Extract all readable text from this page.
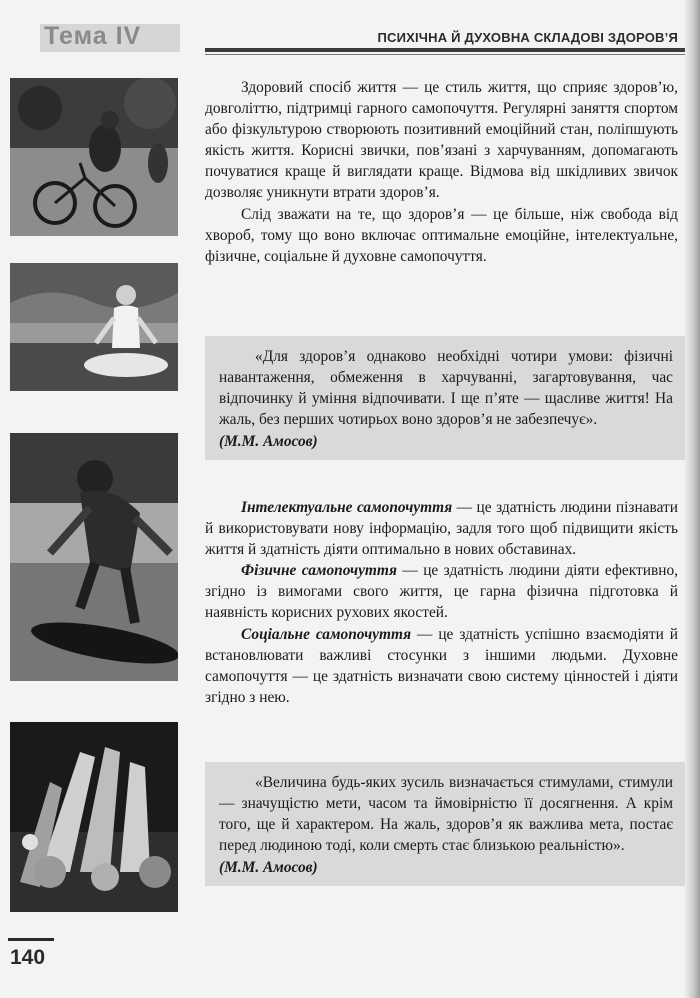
Тема IV	ПСИХІЧНА Й ДУХОВНА СКЛАДОВІ ЗДОРОВ’Я

Здоровий спосіб життя — це стиль життя, що сприяє здоров’ю, довголіттю, підтримці гарного самопочуття. Регулярні заняття спортом або фізкультурою створюють позитивний емоційний стан, поліпшують якість життя. Корисні звички, пов’язані з харчуванням, допомагають почуватися краще й виглядати краще. Відмова від шкідливих звичок дозволяє уникнути втрати здоров’я.

Слід зважати на те, що здоров’я — це більше, ніж свобода від хвороб, тому що воно включає оптимальне емоційне, інтелектуальне, фізичне, соціальне й духовне самопочуття.

«Для здоров’я однаково необхідні чотири умови: фізичні навантаження, обмеження в харчуванні, загартовування, час відпочинку й уміння відпочивати. І ще п’яте — щасливе життя! На жаль, без перших чотирьох воно здоров’я не забезпечує».

(М.М. Амосов)

Інтелектуальне самопочуття — це здатність людини пізнавати й використовувати нову інформацію, задля того щоб підвищити якість життя й здатність діяти оптимально в нових обставинах.

Фізичне самопочуття — це здатність людини діяти ефективно, згідно із вимогами свого життя, це гарна фізична підготовка й наявність корисних рухових якостей.

Соціальне самопочуття — це здатність успішно взаємодіяти й встановлювати важливі стосунки з іншими людьми. Духовне самопочуття — це здатність визначати свою систему цінностей і діяти згідно з нею.

«Величина будь-яких зусиль визначається стимулами, стимули — значущістю мети, часом та ймовірністю її досягнення. А крім того, ще й характером. На жаль, здоров’я як важлива мета, постає перед людиною тоді, коли смерть стає близькою реальністю».

(М.М. Амосов)
140
